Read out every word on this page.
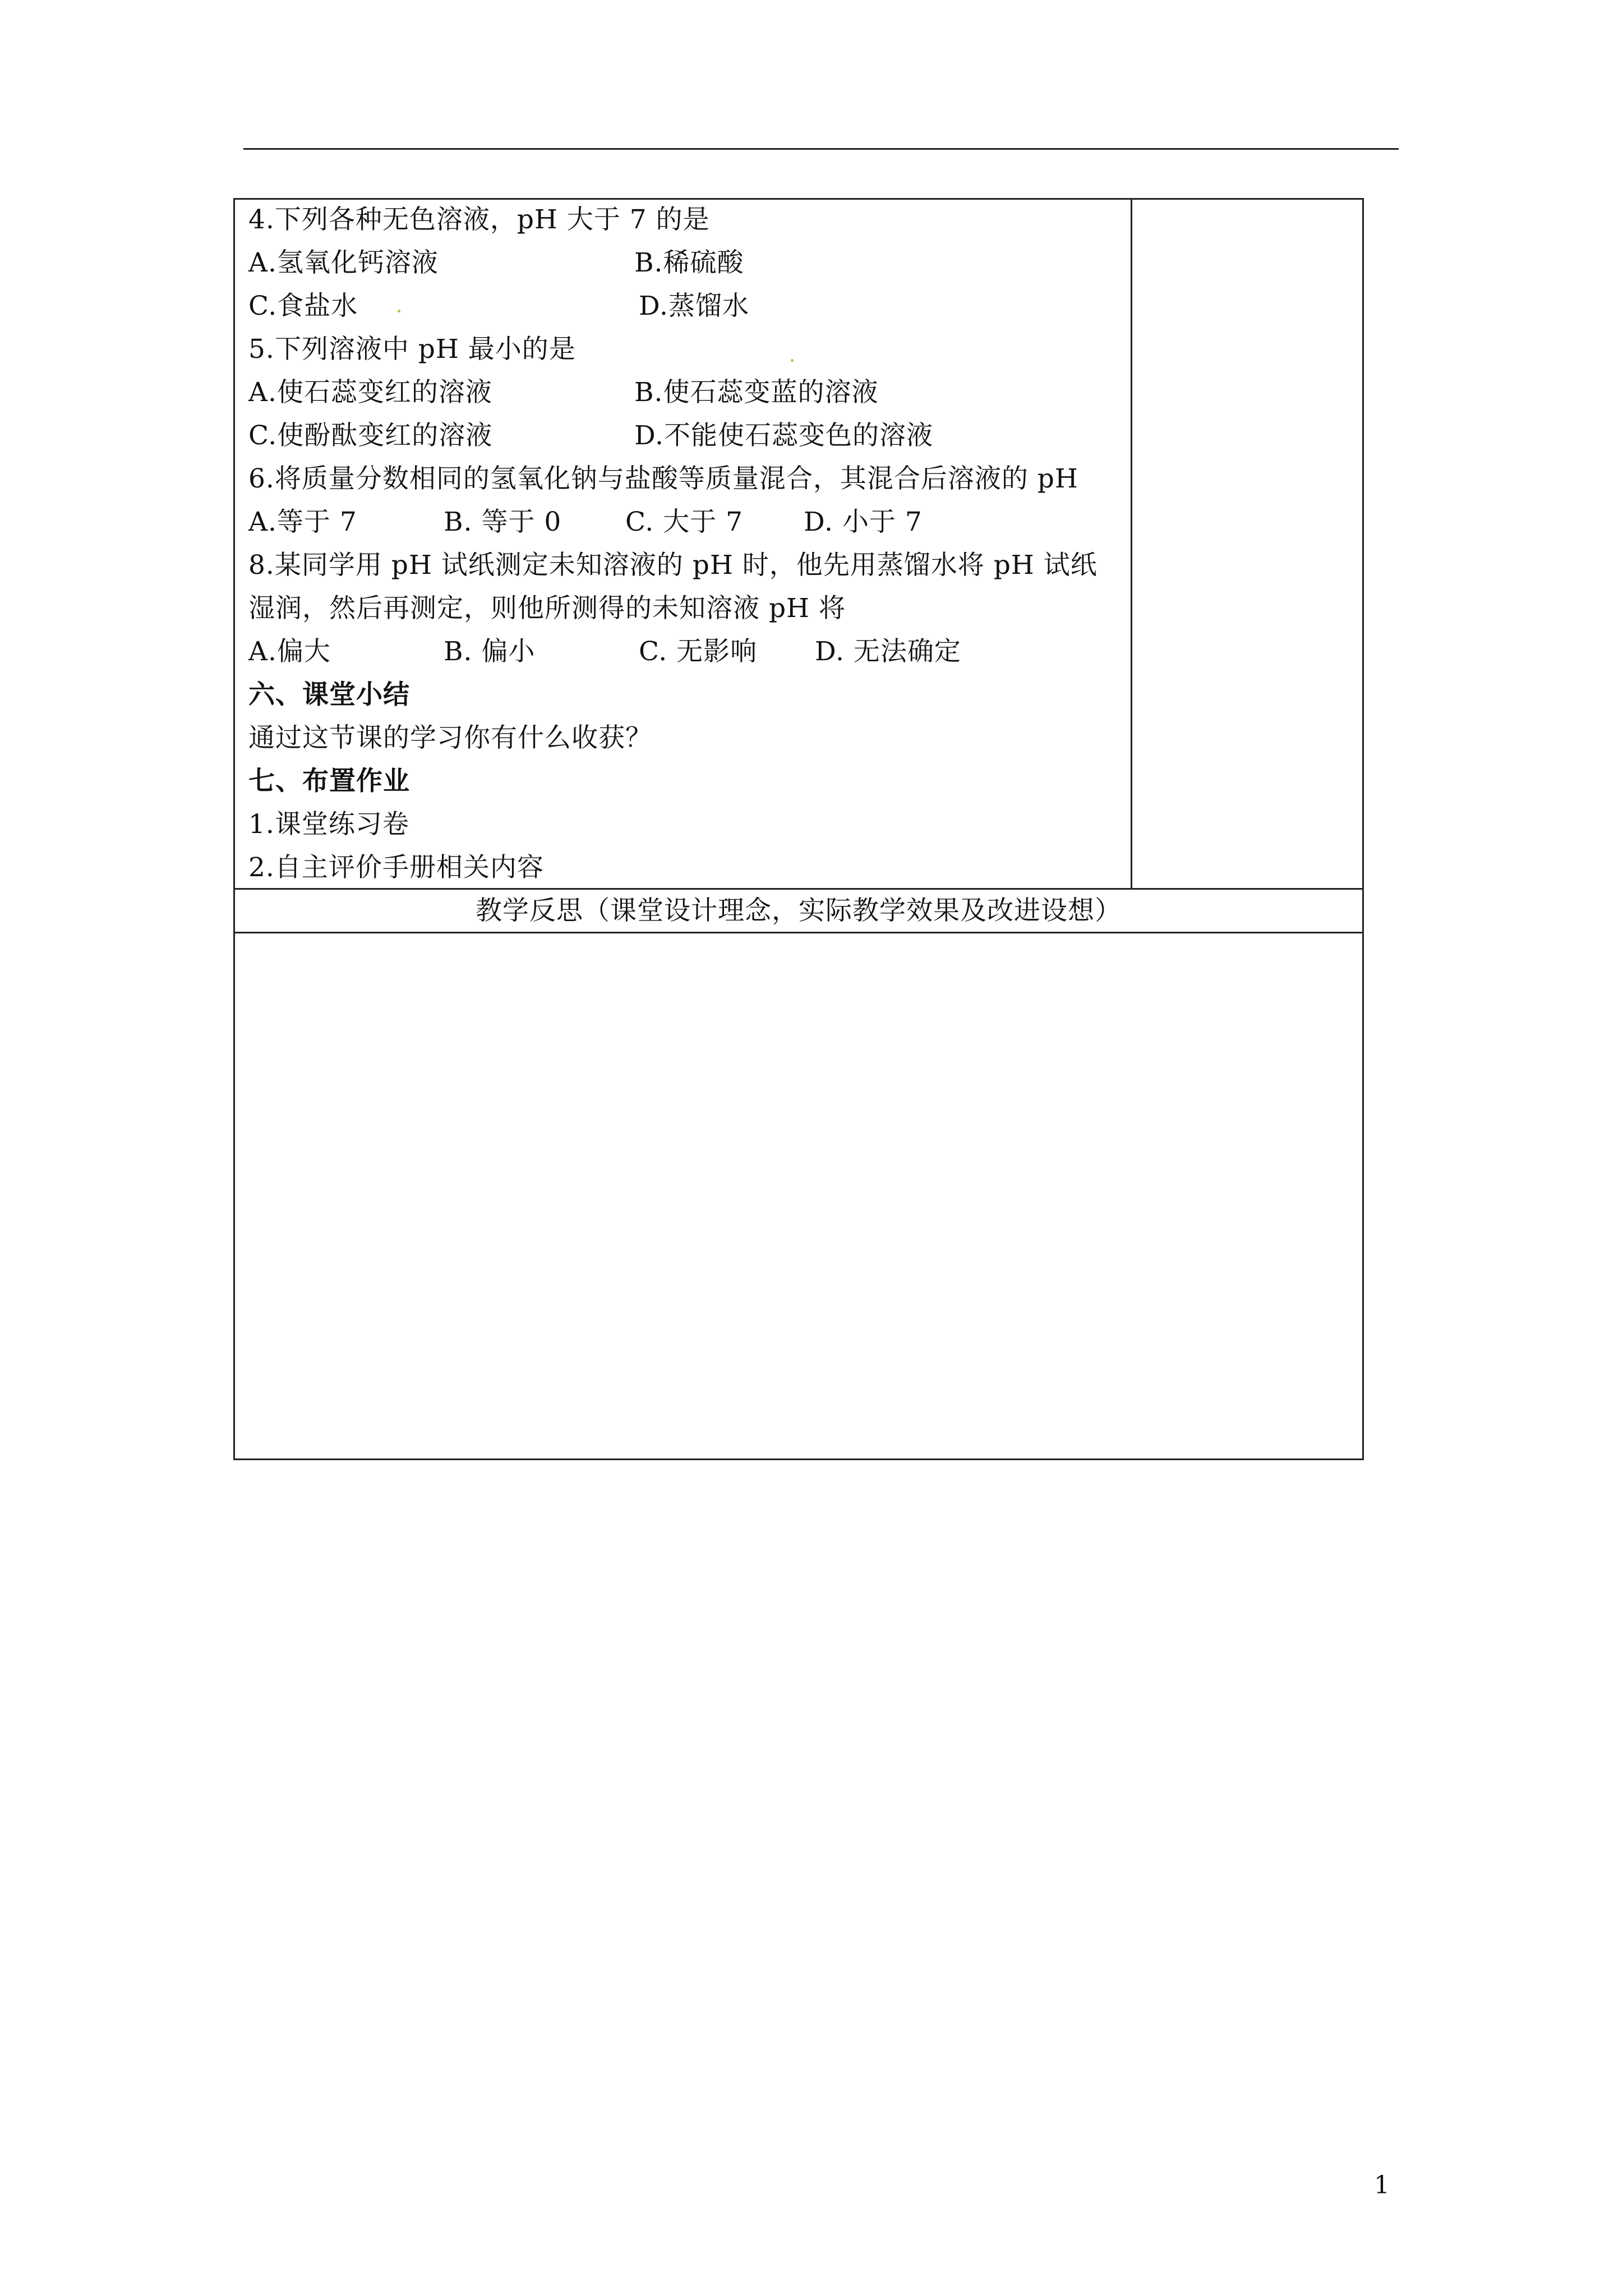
4.下列各种无色溶液，pH 大于 7 的是
A.氢氧化钙溶液	B.稀硫酸
C.食盐水	D.蒸馏水
5.下列溶液中 pH 最小的是
A.使石蕊变红的溶液	B.使石蕊变蓝的溶液
C.使酚酞变红的溶液	D.不能使石蕊变色的溶液
6.将质量分数相同的氢氧化钠与盐酸等质量混合，其混合后溶液的 pH
A.等于 7	B. 等于 0 C. 大于 7 D. 小于 7
8.某同学用 pH 试纸测定未知溶液的 pH 时，他先用蒸馏水将 pH 试纸
湿润，然后再测定，则他所测得的未知溶液 pH 将
A.偏大	B. 偏小	C. 无影响 D. 无法确定
六、课堂小结
通过这节课的学习你有什么收获？
七、布置作业
1.课堂练习卷
2.自主评价手册相关内容
教学反思（课堂设计理念，实际教学效果及改进设想）
1
